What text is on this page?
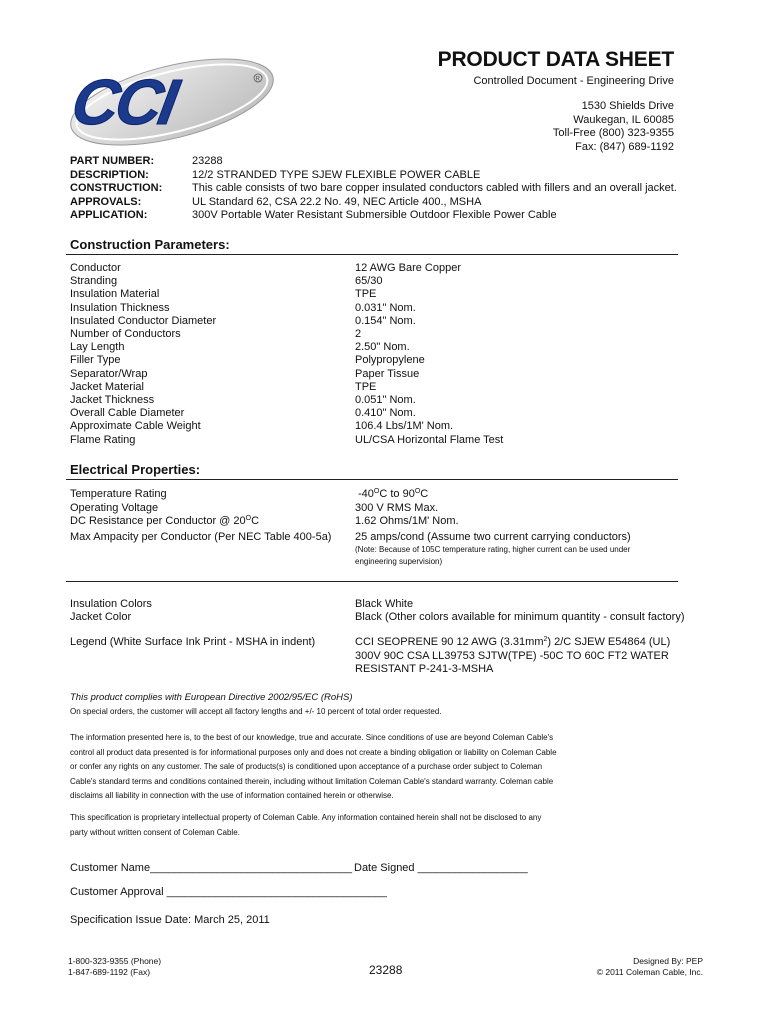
CCI	R
PRODUCT DATA SHEET
Controlled Document - Engineering Drive
1530 Shields Drive
Waukegan, IL 60085
Toll-Free (800) 323-9355
Fax: (847) 689-1192
PART NUMBER:	23288
DESCRIPTION:	12/2 STRANDED TYPE SJEW FLEXIBLE POWER CABLE
CONSTRUCTION:	This cable consists of two bare copper insulated conductors cabled with fillers and an overall jacket.
APPROVALS:	UL Standard 62, CSA 22.2 No. 49, NEC Article 400., MSHA
APPLICATION:	300V Portable Water Resistant Submersible Outdoor Flexible Power Cable
Construction Parameters:
Conductor	12 AWG Bare Copper
Stranding	65/30
Insulation Material	TPE
Insulation Thickness	0.031" Nom.
Insulated Conductor Diameter	0.154" Nom.
Number of Conductors	2
Lay Length	2.50" Nom.
Filler Type	Polypropylene
Separator/Wrap	Paper Tissue
Jacket Material	TPE
Jacket Thickness	0.051" Nom.
Overall Cable Diameter	0.410" Nom.
Approximate Cable Weight	106.4 Lbs/1M' Nom.
Flame Rating	UL/CSA Horizontal Flame Test
Electrical Properties:
Temperature Rating	$-40^OC$ to $90^OC$
Operating Voltage	300 V RMS Max.
DC Resistance per Conductor @ $20^OC$	1.62 Ohms/1M' Nom.
Max Ampacity per Conductor (Per NEC Table 400-5a)	25 amps/cond (Assume two current carrying conductors)
(Note: Because of 105C temperature rating, higher current can be used under
engineering supervision)
Insulation Colors	Black White
Jacket Color	Black (Other colors available for minimum quantity - consult factory)
Legend (White Surface Ink Print - MSHA in indent)	CCI SEOPRENE 90 12 AWG $(3.31mm^2)$ 2/C SJEW E54864 (UL)
300V 90C CSA LL39753 SJTW(TPE) -50C TO 60C FT2 WATER
RESISTANT P-241-3-MSHA
This product complies with European Directive 2002/95/EC (RoHS)
On special orders, the customer will accept all factory lengths and +/- 10 percent of total order requested.
The information presented here is, to the best of our knowledge, true and accurate. Since conditions of use are beyond Coleman Cable's
control all product data presented is for informational purposes only and does not create a binding obligation or liability on Coleman Cable
or confer any rights on any customer. The sale of products(s) is conditioned upon acceptance of a purchase order subject to Coleman
Cable's standard terms and conditions contained therein, including without limitation Coleman Cable's standard warranty. Coleman cable
disclaims all liability in connection with the use of information contained herein or otherwise.
This specification is proprietary intellectual property of Coleman Cable. Any information contained herein shall not be disclosed to any
party without written consent of Coleman Cable.
Customer Name_________________________________ Date Signed __________________
Customer Approval ____________________________________
Specification Issue Date: March 25, 2011
1-800-323-9355 (Phone)
1-847-689-1192 (Fax)	23288
Designed By: PEP
© 2011 Coleman Cable, Inc.
